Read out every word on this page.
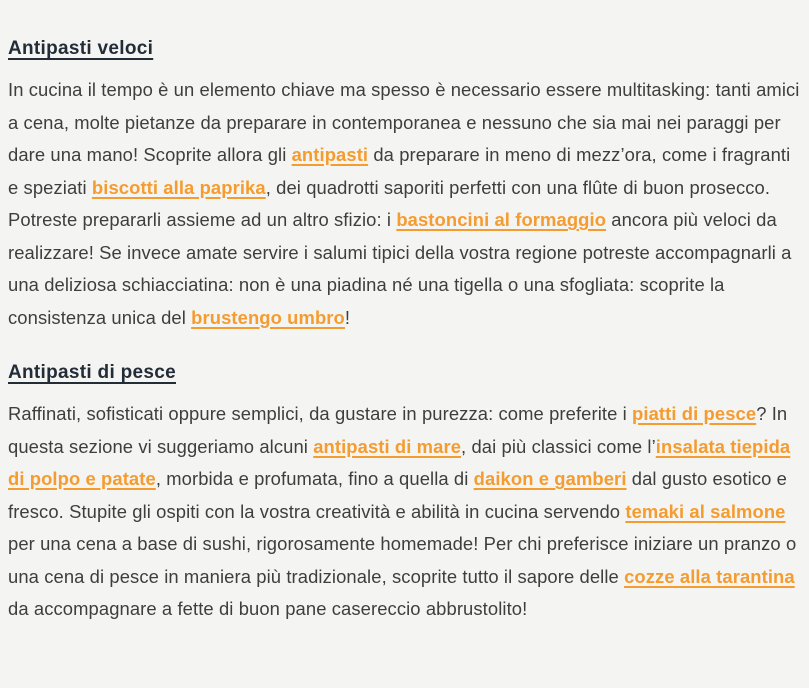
Antipasti veloci

In cucina il tempo è un elemento chiave ma spesso è necessario essere multitasking: tanti amici a cena, molte pietanze da preparare in contemporanea e nessuno che sia mai nei paraggi per dare una mano! Scoprite allora gli antipasti da preparare in meno di mezz’ora, come i fragranti e speziati biscotti alla paprika, dei quadrotti saporiti perfetti con una flûte di buon prosecco. Potreste prepararli assieme ad un altro sfizio: i bastoncini al formaggio ancora più veloci da realizzare! Se invece amate servire i salumi tipici della vostra regione potreste accompagnarli a una deliziosa schiacciatina: non è una piadina né una tigella o una sfogliata: scoprite la consistenza unica del brustengo umbro!

Antipasti di pesce

Raffinati, sofisticati oppure semplici, da gustare in purezza: come preferite i piatti di pesce? In questa sezione vi suggeriamo alcuni antipasti di mare, dai più classici come l’insalata tiepida di polpo e patate, morbida e profumata, fino a quella di daikon e gamberi dal gusto esotico e fresco. Stupite gli ospiti con la vostra creatività e abilità in cucina servendo temaki al salmone per una cena a base di sushi, rigorosamente homemade! Per chi preferisce iniziare un pranzo o una cena di pesce in maniera più tradizionale, scoprite tutto il sapore delle cozze alla tarantina da accompagnare a fette di buon pane casereccio abbrustolito!
